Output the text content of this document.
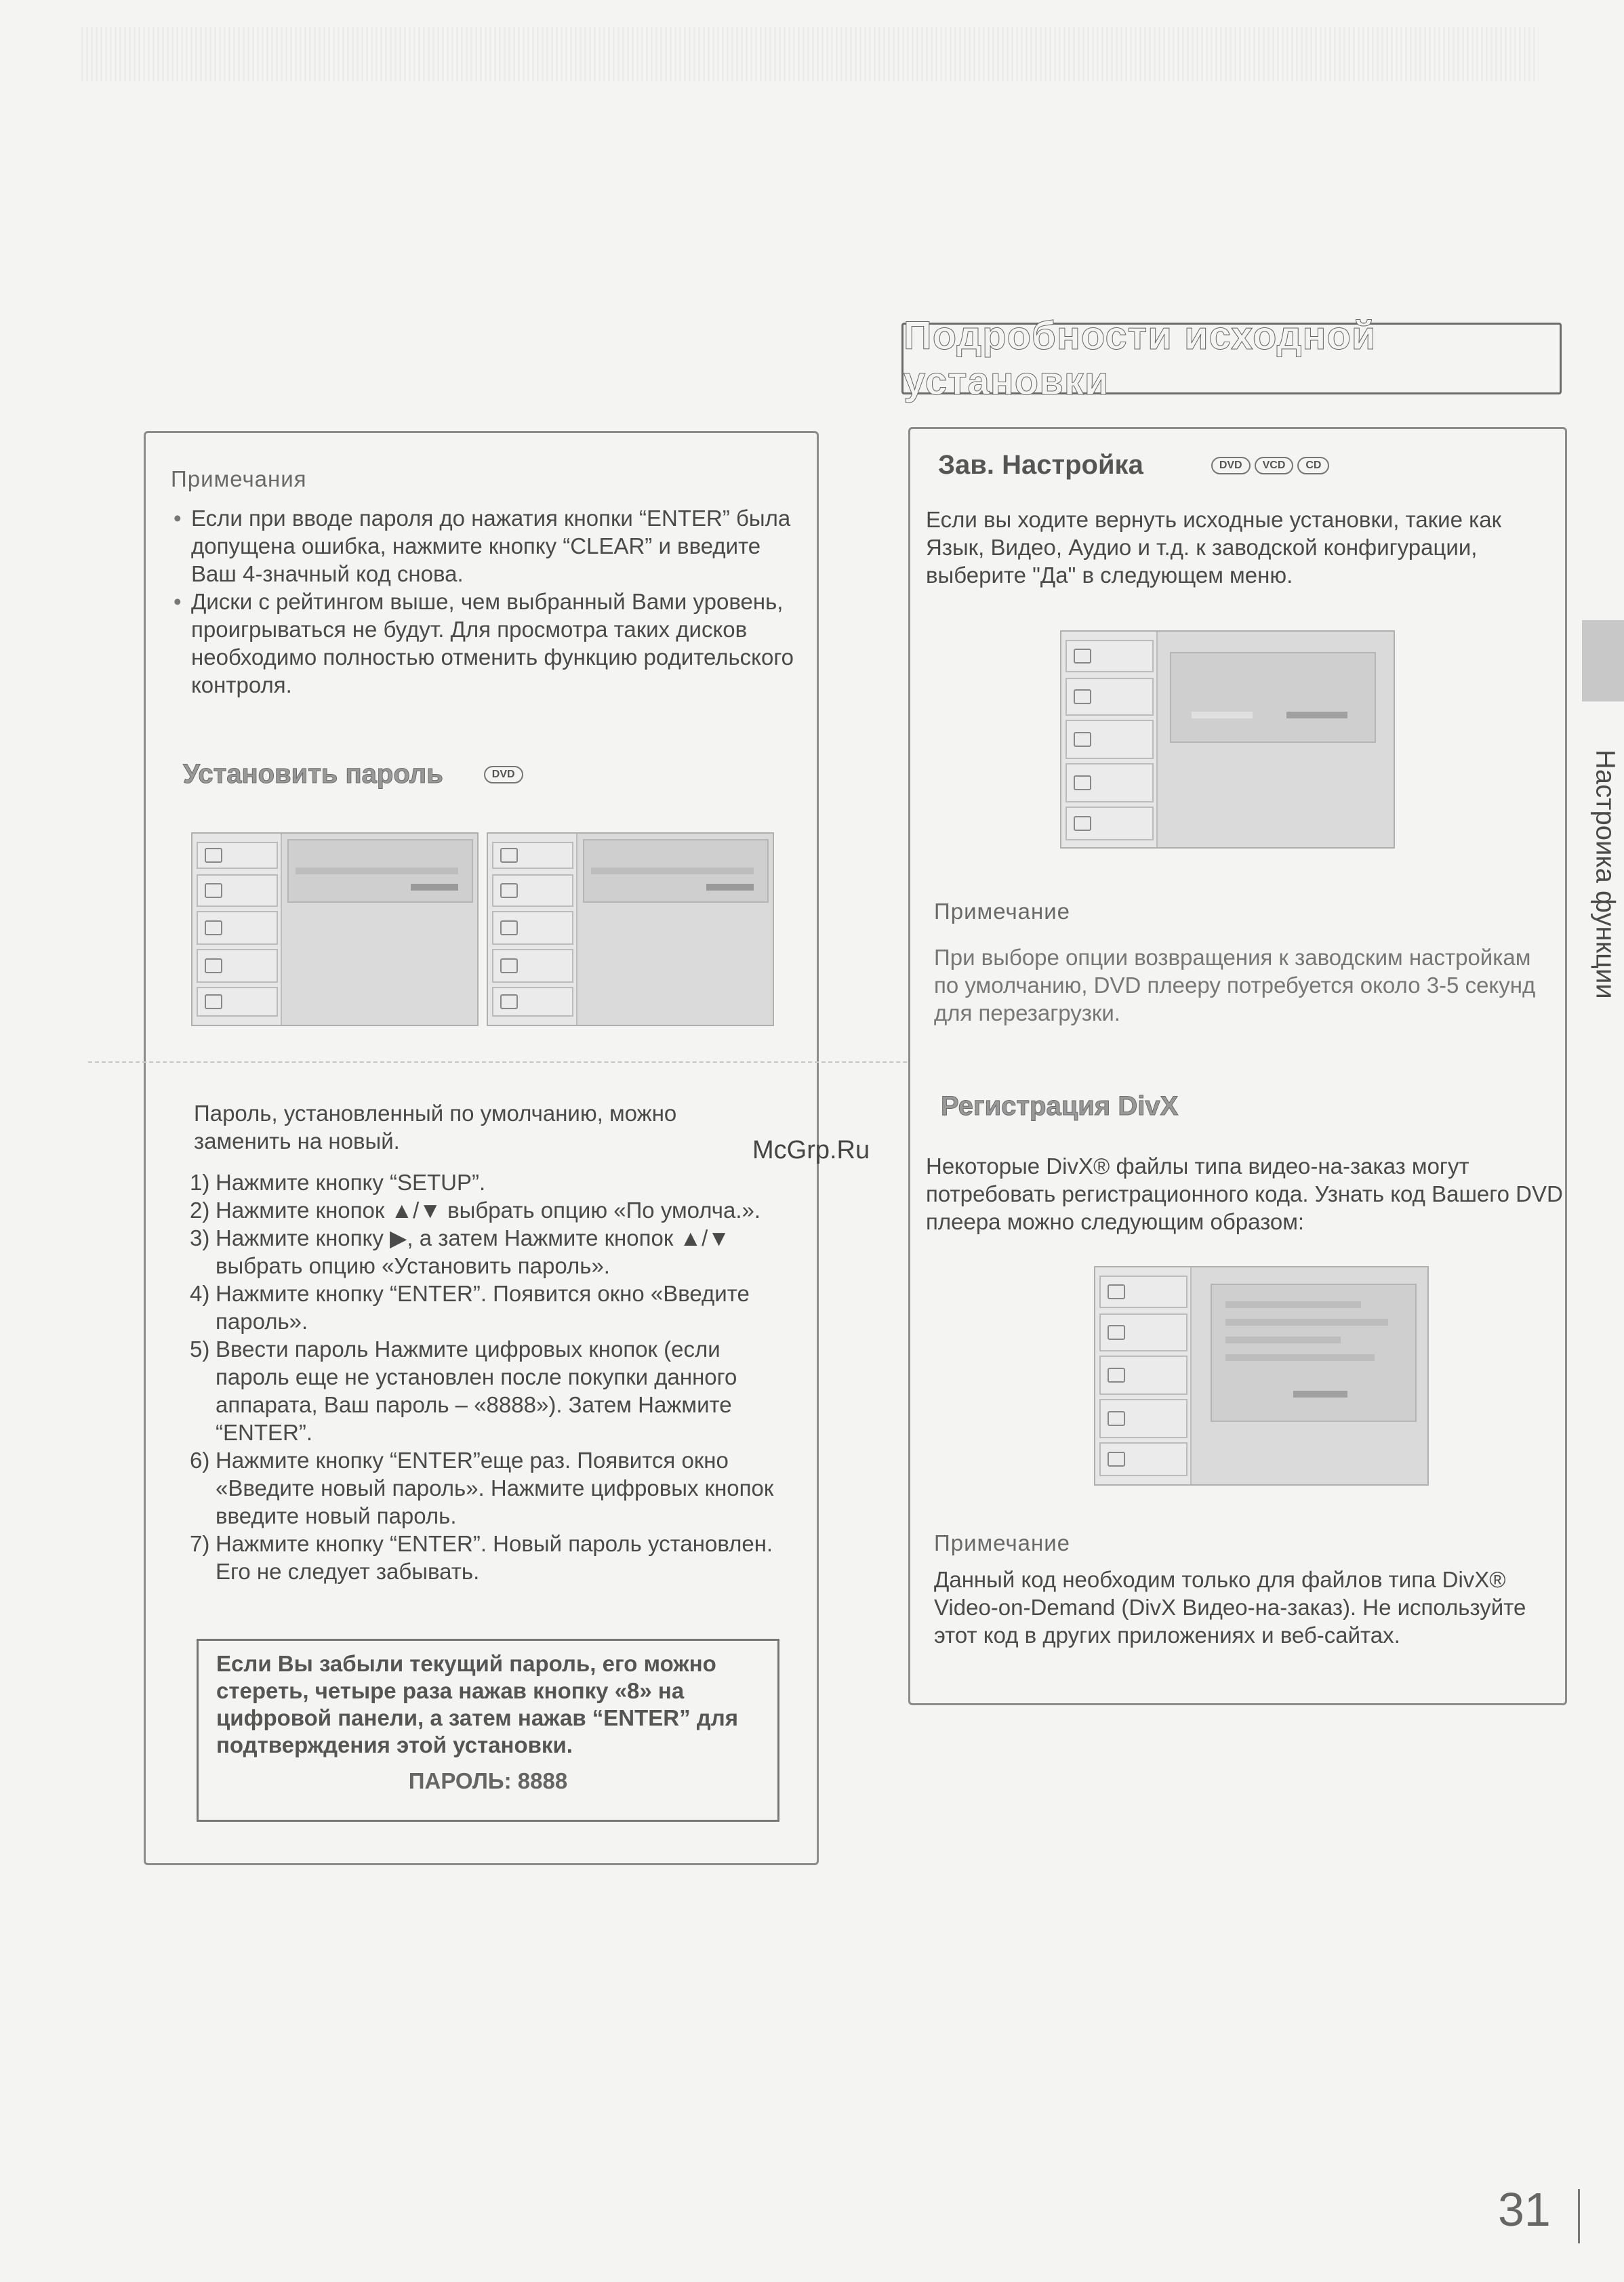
Подробности исходной установки
Примечания
• Если при вводе пароля до нажатия кнопки “ENTER” была допущена ошибка, нажмите кнопку “CLEAR” и введите Ваш 4-значный код снова.
• Диски с рейтингом выше, чем выбранный Вами уровень, проигрываться не будут. Для просмотра таких дисков необходимо полностью отменить функцию родительского контроля.
Установить пароль	DVD
Пароль, установленный по умолчанию, можно заменить на новый.
1) Нажмите кнопку “SETUP”.
2) Нажмите кнопок ▲/▼ выбрать опцию «По умолча.».
3) Нажмите кнопку ▶, а затем Нажмите кнопок ▲/▼ выбрать опцию «Установить пароль».
4) Нажмите кнопку “ENTER”. Появится окно «Введите пароль».
5) Ввести пароль Нажмите цифровых кнопок (если пароль еще не установлен после покупки данного аппарата, Ваш пароль – «8888»). Затем Нажмите “ENTER”.
6) Нажмите кнопку “ENTER”еще раз. Появится окно «Введите новый пароль». Нажмите цифровых кнопок введите новый пароль.
7) Нажмите кнопку “ENTER”. Новый пароль установлен. Его не следует забывать.
Если Вы забыли текущий пароль, его можно стереть, четыре раза нажав кнопку «8» на цифровой панели, а затем нажав “ENTER” для подтверждения этой установки.
ПАРОЛЬ: 8888
Зав. Настройка	DVD VCD CD
Если вы ходите вернуть исходные установки, такие как Язык, Видео, Аудио и т.д. к заводской конфигурации, выберите "Да" в следующем меню.
Примечание
При выборе опции возвращения к заводским настройкам по умолчанию, DVD плееру потребуется около 3-5 секунд для перезагрузки.
Регистрация DivX
Некоторые DivX® файлы типа видео-на-заказ могут потребовать регистрационного кода. Узнать код Вашего DVD плеера можно следующим образом:
Примечание
Данный код необходим только для файлов типа DivX® Video-on-Demand (DivX Видео-на-заказ). Не используйте этот код в других приложениях и веб-сайтах.
Настроика функции
McGrp.Ru
31
